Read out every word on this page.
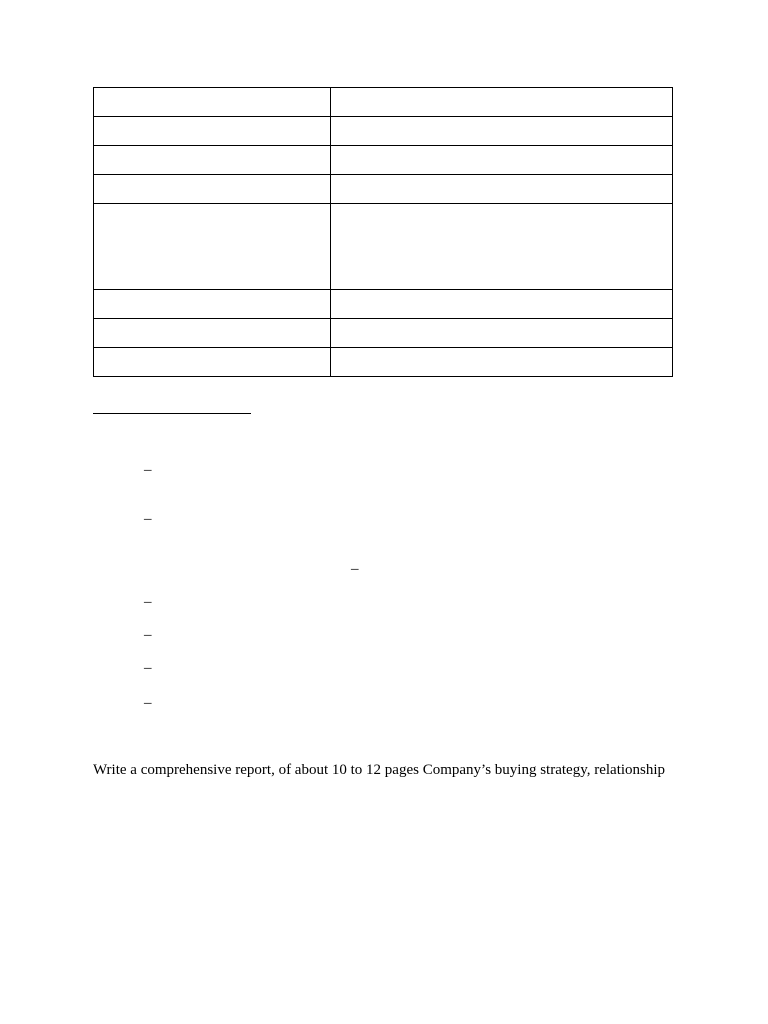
–
–
–
–
–
–
–

Write a comprehensive report, of about 10 to 12 pages Company’s buying strategy, relationship
